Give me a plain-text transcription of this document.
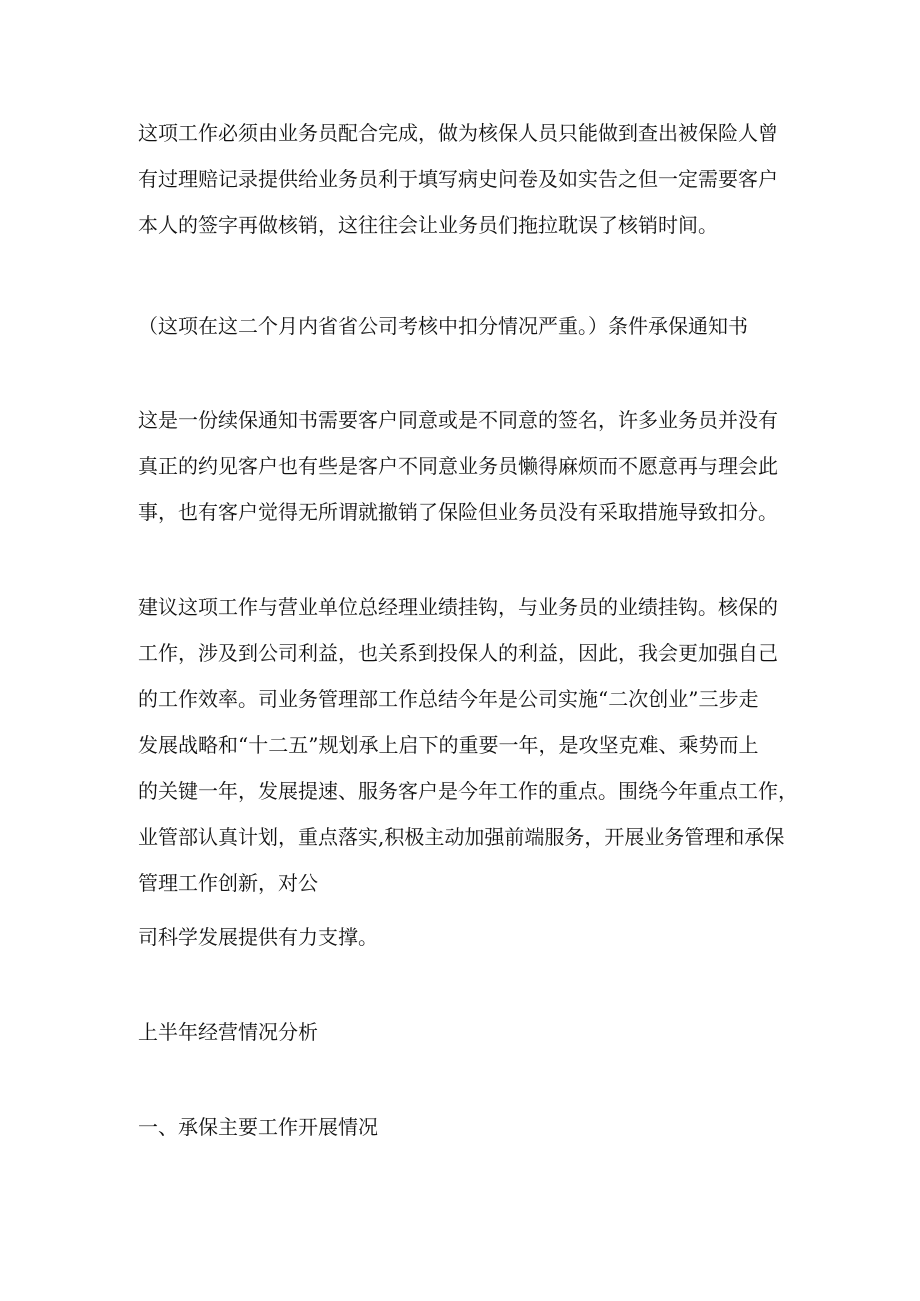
这项工作必须由业务员配合完成，做为核保人员只能做到查出被保险人曾
有过理赔记录提供给业务员利于填写病史问卷及如实告之但一定需要客户
本人的签字再做核销，这往往会让业务员们拖拉耽误了核销时间。
（这项在这二个月内省省公司考核中扣分情况严重。）条件承保通知书
这是一份续保通知书需要客户同意或是不同意的签名，许多业务员并没有
真正的约见客户也有些是客户不同意业务员懒得麻烦而不愿意再与理会此
事，也有客户觉得无所谓就撤销了保险但业务员没有采取措施导致扣分。
建议这项工作与营业单位总经理业绩挂钩，与业务员的业绩挂钩。核保的
工作，涉及到公司利益，也关系到投保人的利益，因此，我会更加强自己
的工作效率。司业务管理部工作总结今年是公司实施“二次创业”三步走
发展战略和“十二五”规划承上启下的重要一年，是攻坚克难、乘势而上
的关键一年，发展提速、服务客户是今年工作的重点。围绕今年重点工作，
业管部认真计划，重点落实,积极主动加强前端服务，开展业务管理和承保
管理工作创新，对公
司科学发展提供有力支撑。
上半年经营情况分析
一、承保主要工作开展情况
